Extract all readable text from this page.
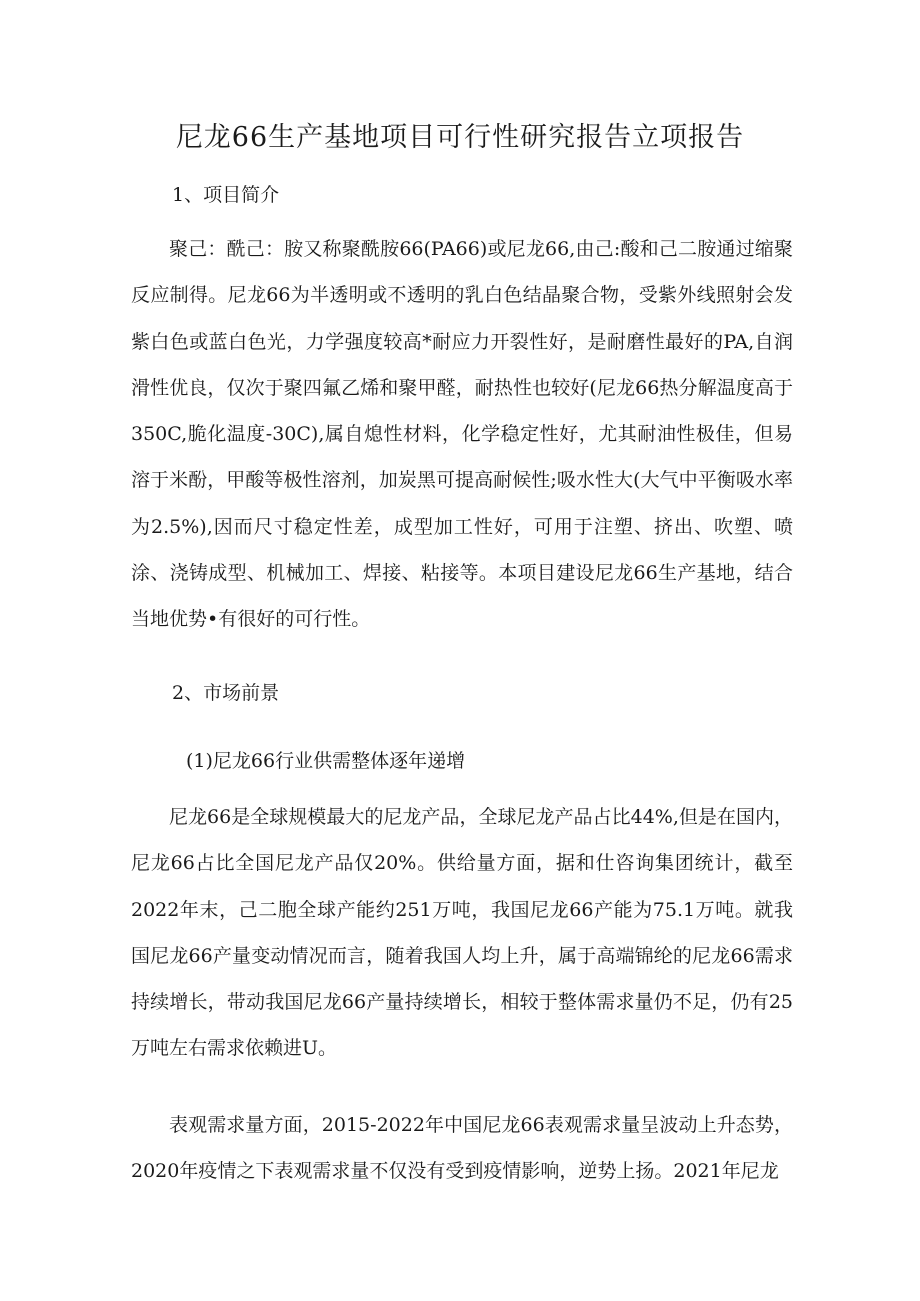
尼龙66生产基地项目可行性研究报告立项报告
1、项目简介

聚己：酰己：胺又称聚酰胺66(PA66)或尼龙66,由己:酸和己二胺通过缩聚反应制得。尼龙66为半透明或不透明的乳白色结晶聚合物，受紫外线照射会发紫白色或蓝白色光，力学强度较高*耐应力开裂性好，是耐磨性最好的PA,自润滑性优良，仅次于聚四氟乙烯和聚甲醛，耐热性也较好(尼龙66热分解温度高于350C,脆化温度-30C),属自熄性材料，化学稳定性好，尤其耐油性极佳，但易溶于米酚，甲酸等极性溶剂，加炭黑可提高耐候性;吸水性大(大气中平衡吸水率为2.5%),因而尺寸稳定性差，成型加工性好，可用于注塑、挤出、吹塑、喷涂、浇铸成型、机械加工、焊接、粘接等。本项目建设尼龙66生产基地，结合当地优势•有很好的可行性。

2、市场前景
(1)尼龙66行业供需整体逐年递增

尼龙66是全球规模最大的尼龙产品，全球尼龙产品占比44%,但是在国内，尼龙66占比全国尼龙产品仅20%。供给量方面，据和仕咨询集团统计，截至2022年末，己二胞全球产能约251万吨，我国尼龙66产能为75.1万吨。就我国尼龙66产量变动情况而言，随着我国人均上升，属于高端锦纶的尼龙66需求持续增长，带动我国尼龙66产量持续增长，相较于整体需求量仍不足，仍有25万吨左右需求依赖进U。

表观需求量方面，2015-2022年中国尼龙66表观需求量呈波动上升态势，2020年疫情之下表观需求量不仅没有受到疫情影响，逆势上扬。2021年尼龙
